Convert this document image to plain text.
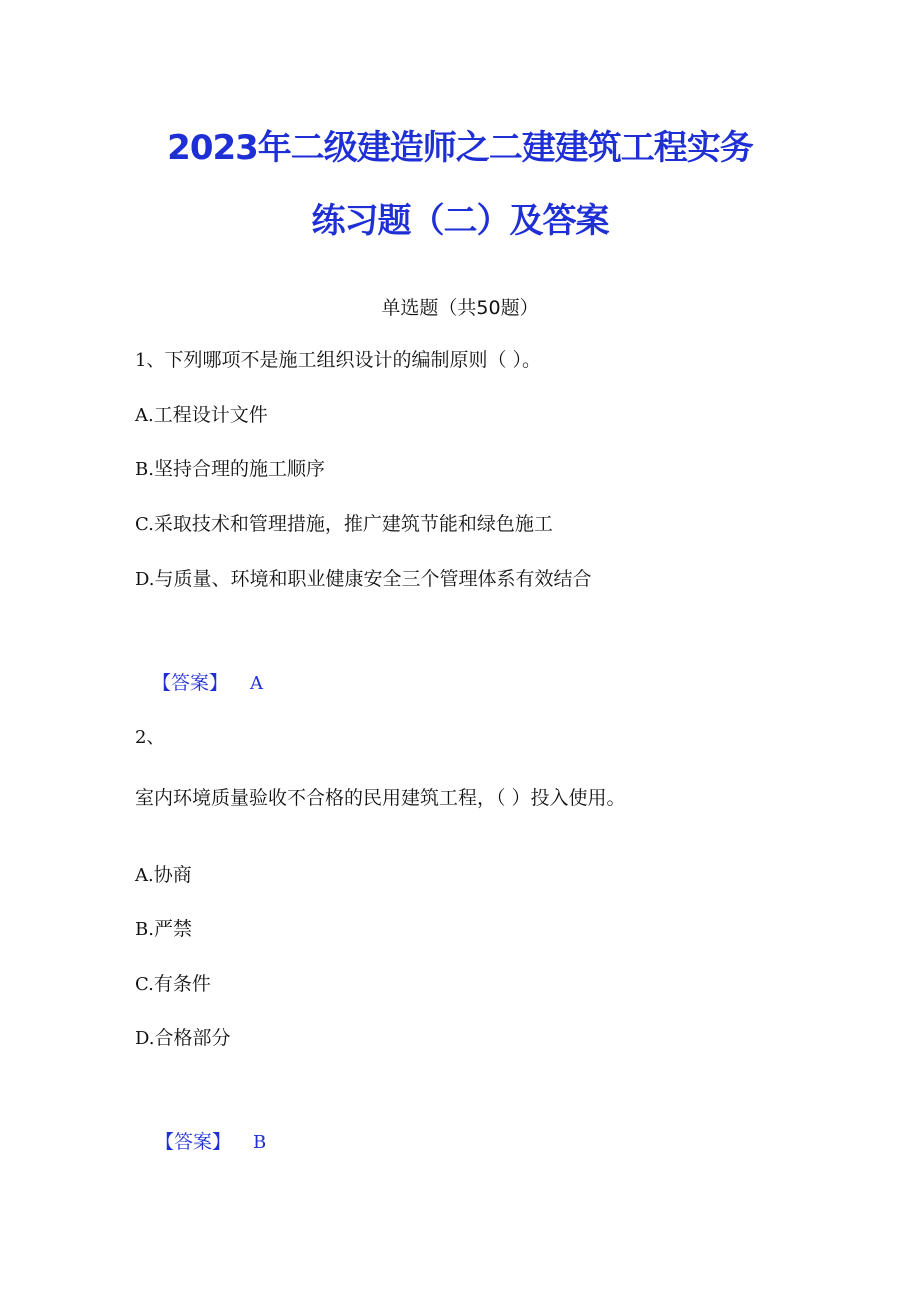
2023年二级建造师之二建建筑工程实务
练习题（二）及答案
单选题（共50题）
1、下列哪项不是施工组织设计的编制原则（ ）。
A.工程设计文件
B.坚持合理的施工顺序
C.采取技术和管理措施，推广建筑节能和绿色施工
D.与质量、环境和职业健康安全三个管理体系有效结合
【答案】 A
2、
室内环境质量验收不合格的民用建筑工程，（ ）投入使用。
A.协商
B.严禁
C.有条件
D.合格部分
【答案】 B
